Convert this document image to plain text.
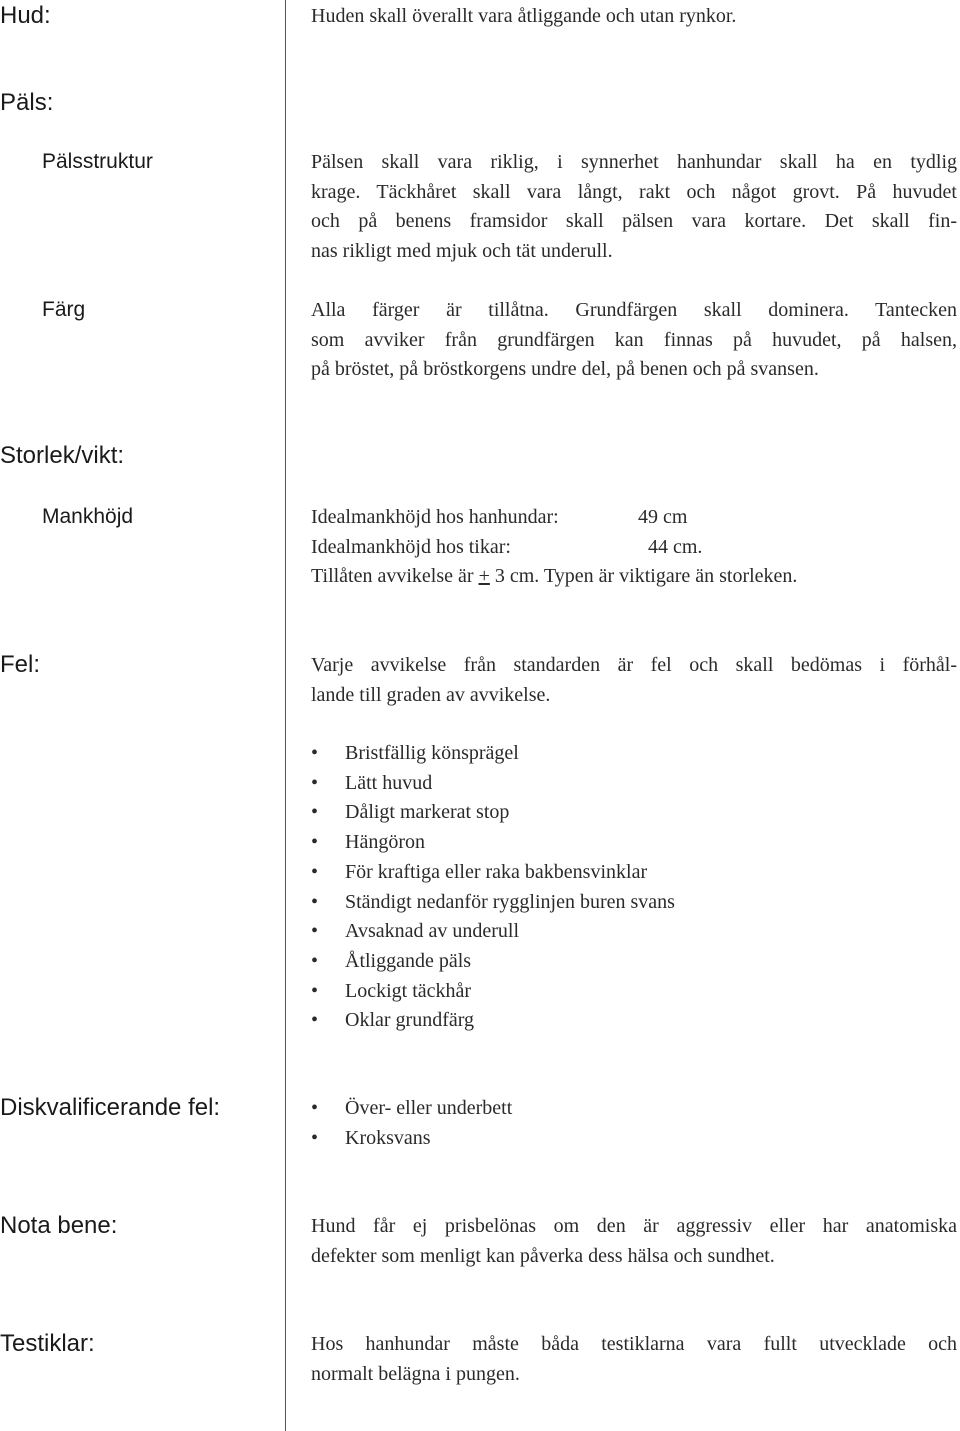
Hud:	Huden skall överallt vara åtliggande och utan rynkor.
Päls:
Pälsstruktur	Pälsen skall vara riklig, i synnerhet hanhundar skall ha en tydlig
krage. Täckhåret skall vara långt, rakt och något grovt. På huvudet
och på benens framsidor skall pälsen vara kortare. Det skall fin-
nas rikligt med mjuk och tät underull.
Färg	Alla färger är tillåtna. Grundfärgen skall dominera. Tantecken
som avviker från grundfärgen kan finnas på huvudet, på halsen,
på bröstet, på bröstkorgens undre del, på benen och på svansen.
Storlek/vikt:
Mankhöjd	Idealmankhöjd hos hanhundar:	49 cm
Idealmankhöjd hos tikar:	44 cm.
Tillåten avvikelse är + 3 cm. Typen är viktigare än storleken.
Fel:	Varje avvikelse från standarden är fel och skall bedömas i förhål-
lande till graden av avvikelse.
• Bristfällig könsprägel
• Lätt huvud
• Dåligt markerat stop
• Hängöron
• För kraftiga eller raka bakbensvinklar
• Ständigt nedanför rygglinjen buren svans
• Avsaknad av underull
• Åtliggande päls
• Lockigt täckhår
• Oklar grundfärg
Diskvalificerande fel:	• Över- eller underbett
• Kroksvans
Nota bene:	Hund får ej prisbelönas om den är aggressiv eller har anatomiska
defekter som menligt kan påverka dess hälsa och sundhet.
Testiklar:	Hos hanhundar måste båda testiklarna vara fullt utvecklade och
normalt belägna i pungen.
